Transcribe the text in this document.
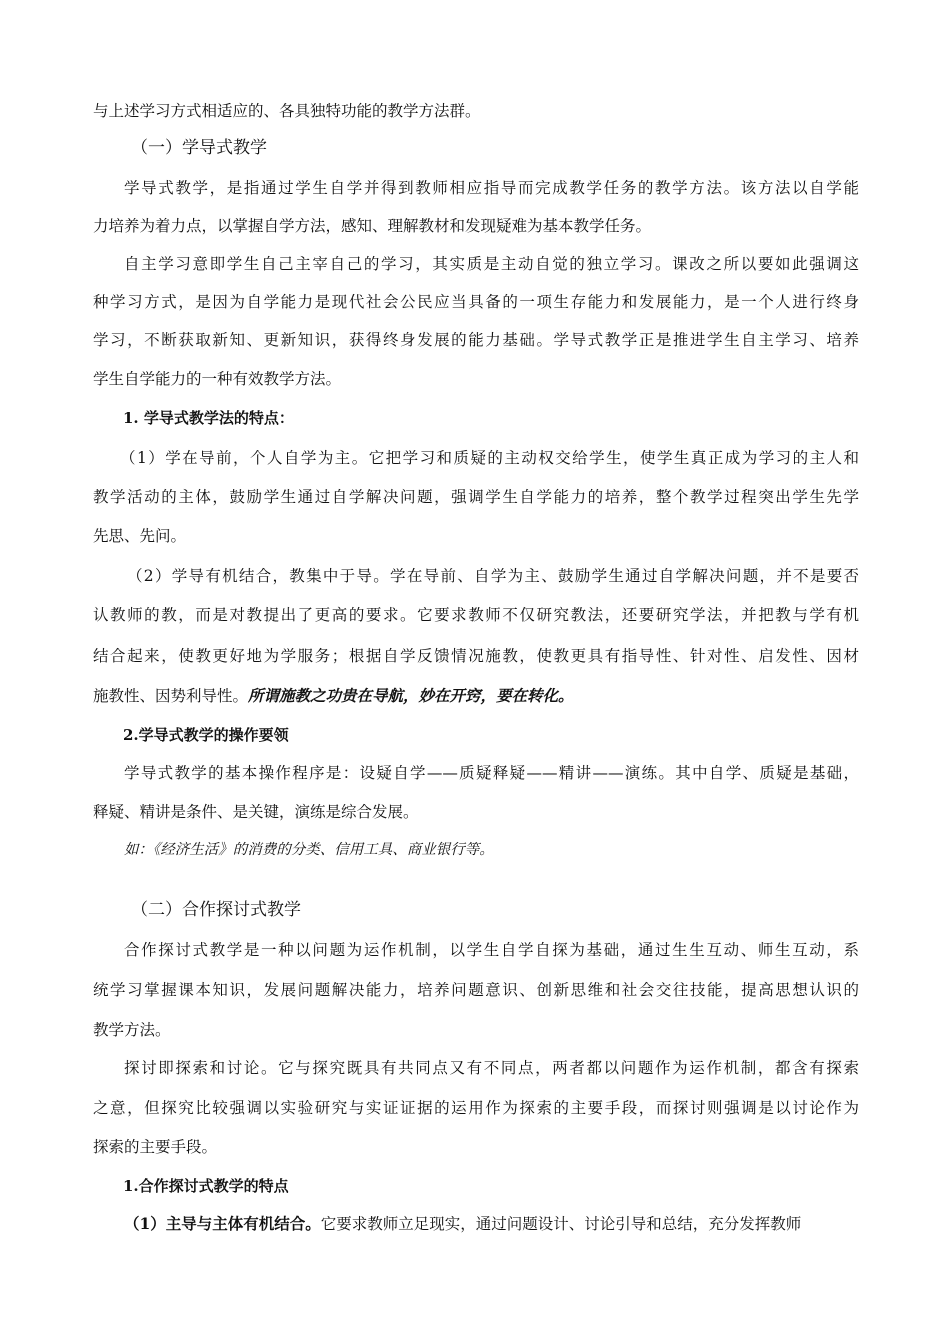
与上述学习方式相适应的、各具独特功能的教学方法群。
（一）学导式教学
学导式教学，是指通过学生自学并得到教师相应指导而完成教学任务的教学方法。该方法以自学能
力培养为着力点，以掌握自学方法，感知、理解教材和发现疑难为基本教学任务。
自主学习意即学生自己主宰自己的学习，其实质是主动自觉的独立学习。课改之所以要如此强调这
种学习方式，是因为自学能力是现代社会公民应当具备的一项生存能力和发展能力，是一个人进行终身
学习，不断获取新知、更新知识，获得终身发展的能力基础。学导式教学正是推进学生自主学习、培养
学生自学能力的一种有效教学方法。
1. 学导式教学法的特点：
（1）学在导前，个人自学为主。它把学习和质疑的主动权交给学生，使学生真正成为学习的主人和
教学活动的主体，鼓励学生通过自学解决问题，强调学生自学能力的培养，整个教学过程突出学生先学
先思、先问。
（2）学导有机结合，教集中于导。学在导前、自学为主、鼓励学生通过自学解决问题，并不是要否
认教师的教，而是对教提出了更高的要求。它要求教师不仅研究教法，还要研究学法，并把教与学有机
结合起来，使教更好地为学服务；根据自学反馈情况施教，使教更具有指导性、针对性、启发性、因材
施教性、因势利导性。所谓施教之功贵在导航，妙在开窍，要在转化。
2.学导式教学的操作要领
学导式教学的基本操作程序是：设疑自学——质疑释疑——精讲——演练。其中自学、质疑是基础，
释疑、精讲是条件、是关键，演练是综合发展。
如：《经济生活》的消费的分类、信用工具、商业银行等。
（二）合作探讨式教学
合作探讨式教学是一种以问题为运作机制，以学生自学自探为基础，通过生生互动、师生互动，系
统学习掌握课本知识，发展问题解决能力，培养问题意识、创新思维和社会交往技能，提高思想认识的
教学方法。
探讨即探索和讨论。它与探究既具有共同点又有不同点，两者都以问题作为运作机制，都含有探索
之意，但探究比较强调以实验研究与实证证据的运用作为探索的主要手段，而探讨则强调是以讨论作为
探索的主要手段。
1.合作探讨式教学的特点
（1）主导与主体有机结合。它要求教师立足现实，通过问题设计、讨论引导和总结，充分发挥教师
